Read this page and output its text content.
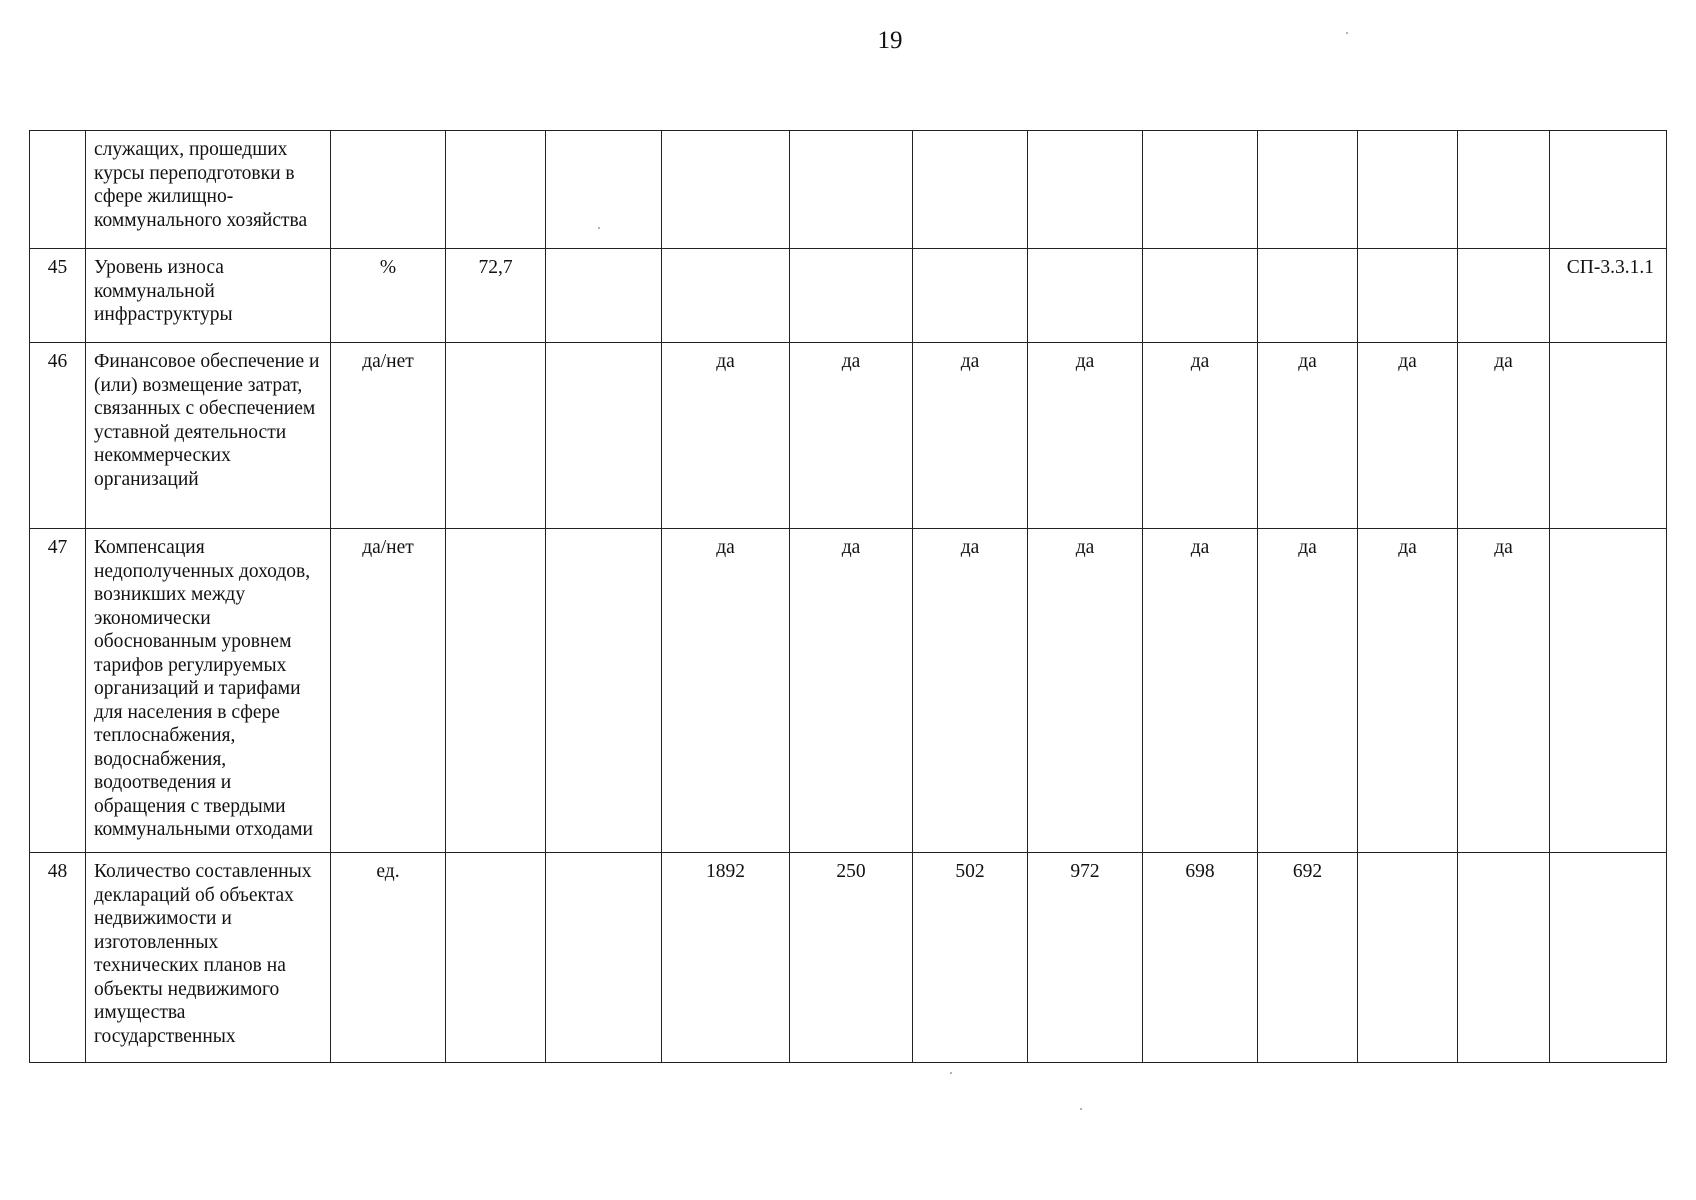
19
	служащих, прошедших курсы переподготовки в сфере жилищно-коммунального хозяйства												
45	Уровень износа коммунальной инфраструктуры	%	72,7										СП-3.3.1.1
46	Финансовое обеспечение и (или) возмещение затрат, связанных с обеспечением уставной деятельности некоммерческих организаций	да/нет			да	да	да	да	да	да	да	да	
47	Компенсация недополученных доходов, возникших между экономически обоснованным уровнем тарифов регулируемых организаций и тарифами для населения в сфере теплоснабжения, водоснабжения, водоотведения и обращения с твердыми коммунальными отходами	да/нет			да	да	да	да	да	да	да	да	
48	Количество составленных деклараций об объектах недвижимости и изготовленных технических планов на объекты недвижимого имущества государственных	ед.			1892	250	502	972	698	692			
